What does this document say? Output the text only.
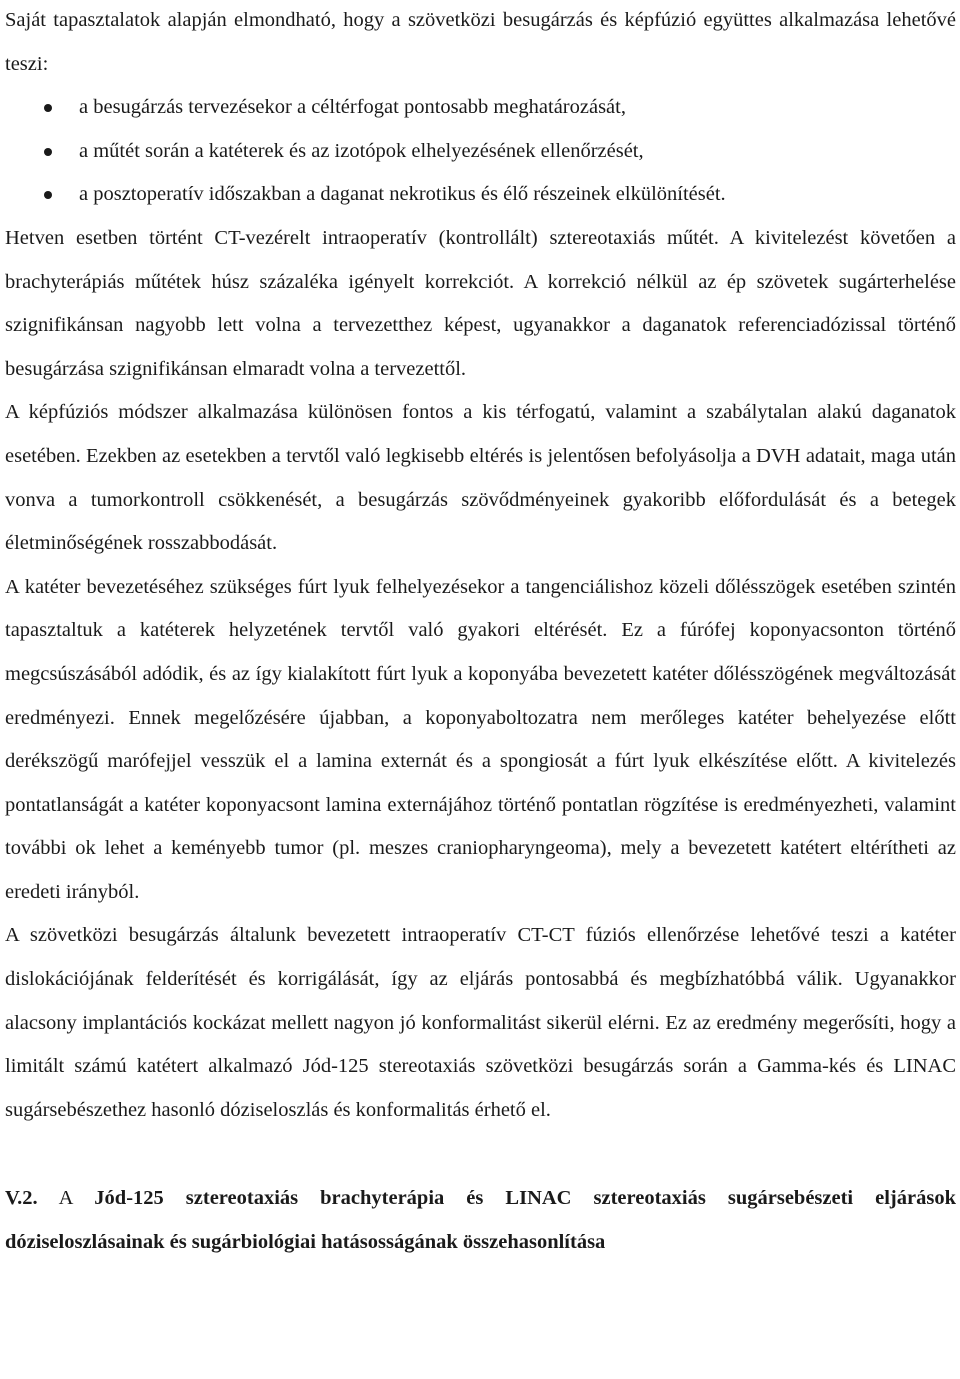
Saját tapasztalatok alapján elmondható, hogy a szövetközi besugárzás és képfúzió együttes alkalmazása lehetővé teszi:

a besugárzás tervezésekor a céltérfogat pontosabb meghatározását,
a műtét során a katéterek és az izotópok elhelyezésének ellenőrzését,
a posztoperatív időszakban a daganat nekrotikus és élő részeinek elkülönítését.

Hetven esetben történt CT-vezérelt intraoperatív (kontrollált) sztereotaxiás műtét. A kivitelezést követően a brachyterápiás műtétek húsz százaléka igényelt korrekciót. A korrekció nélkül az ép szövetek sugárterhelése szignifikánsan nagyobb lett volna a tervezetthez képest, ugyanakkor a daganatok referenciadózissal történő besugárzása szignifikánsan elmaradt volna a tervezettől.

A képfúziós módszer alkalmazása különösen fontos a kis térfogatú, valamint a szabálytalan alakú daganatok esetében. Ezekben az esetekben a tervtől való legkisebb eltérés is jelentősen befolyásolja a DVH adatait, maga után vonva a tumorkontroll csökkenését, a besugárzás szövődményeinek gyakoribb előfordulását és a betegek életminőségének rosszabbodását.

A katéter bevezetéséhez szükséges fúrt lyuk felhelyezésekor a tangenciálishoz közeli dőlésszögek esetében szintén tapasztaltuk a katéterek helyzetének tervtől való gyakori eltérését. Ez a fúrófej koponyacsonton történő megcsúszásából adódik, és az így kialakított fúrt lyuk a koponyába bevezetett katéter dőlésszögének megváltozását eredményezi. Ennek megelőzésére újabban, a koponyaboltozatra nem merőleges katéter behelyezése előtt derékszögű marófejjel vesszük el a lamina externát és a spongiosát a fúrt lyuk elkészítése előtt. A kivitelezés pontatlanságát a katéter koponyacsont lamina externájához történő pontatlan rögzítése is eredményezheti, valamint további ok lehet a keményebb tumor (pl. meszes craniopharyngeoma), mely a bevezetett katétert eltérítheti az eredeti irányból.

A szövetközi besugárzás általunk bevezetett intraoperatív CT-CT fúziós ellenőrzése lehetővé teszi a katéter dislokációjának felderítését és korrigálását, így az eljárás pontosabbá és megbízhatóbbá válik. Ugyanakkor alacsony implantációs kockázat mellett nagyon jó konformalitást sikerül elérni. Ez az eredmény megerősíti, hogy a limitált számú katétert alkalmazó Jód-125 stereotaxiás szövetközi besugárzás során a Gamma-kés és LINAC sugársebészethez hasonló dóziseloszlás és konformalitás érhető el.

V.2. A Jód-125 sztereotaxiás brachyterápia és LINAC sztereotaxiás sugársebészeti eljárások dóziseloszlásainak és sugárbiológiai hatásosságának összehasonlítása
